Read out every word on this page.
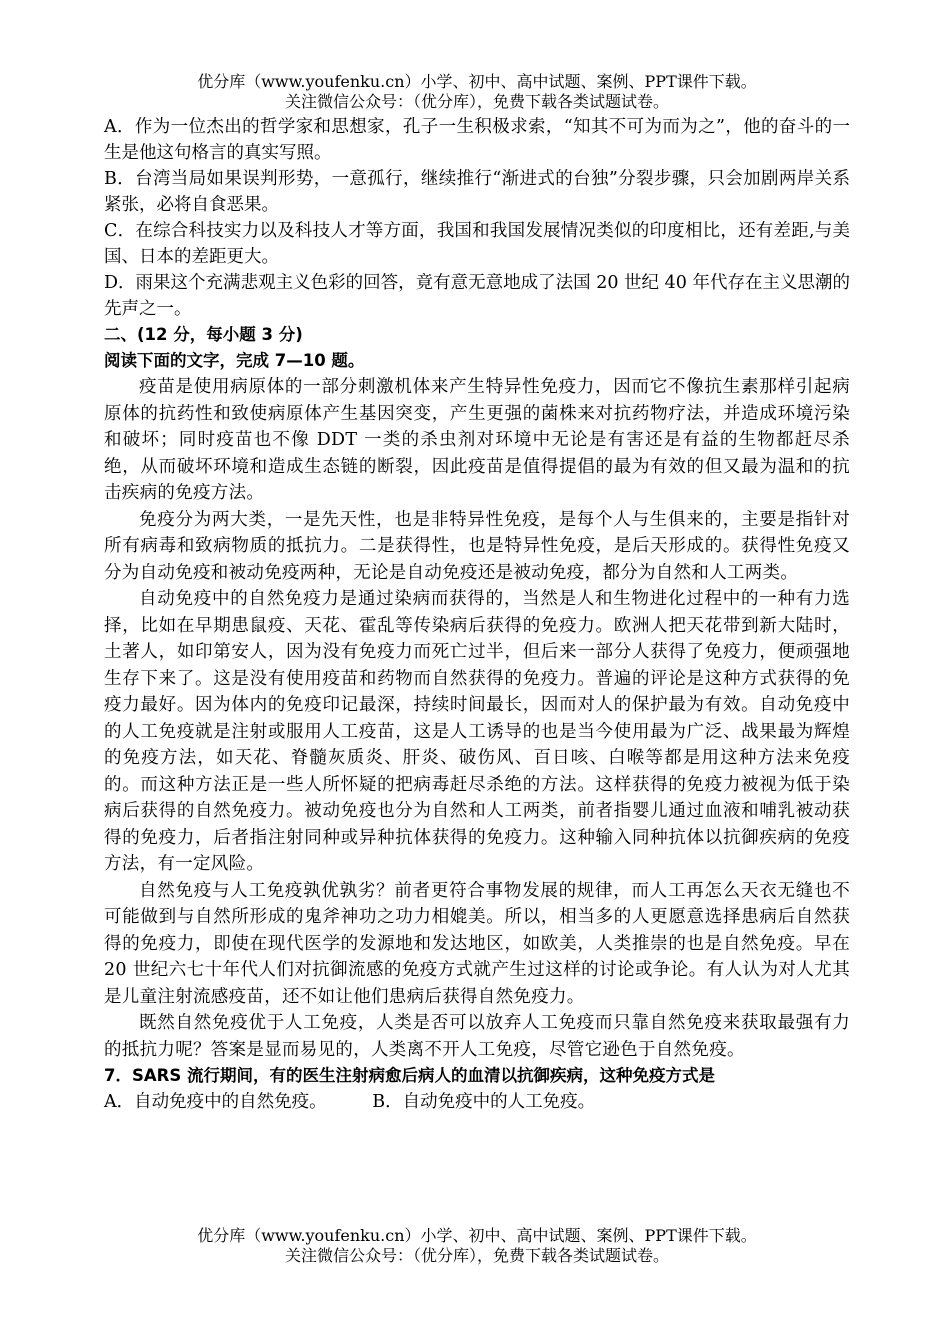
优分库（www.youfenku.cn）小学、初中、高中试题、案例、PPT课件下载。
关注微信公众号：（优分库），免费下载各类试题试卷。
A．作为一位杰出的哲学家和思想家，孔子一生积极求索，“知其不可为而为之”，他的奋斗的一生是他这句格言的真实写照。
B．台湾当局如果误判形势，一意孤行，继续推行“渐进式的台独”分裂步骤，只会加剧两岸关系紧张，必将自食恶果。
C．在综合科技实力以及科技人才等方面，我国和我国发展情况类似的印度相比，还有差距,与美国、日本的差距更大。
D．雨果这个充满悲观主义色彩的回答，竟有意无意地成了法国 20 世纪 40 年代存在主义思潮的先声之一。
二、(12 分，每小题 3 分)
阅读下面的文字，完成 7—10 题。
疫苗是使用病原体的一部分刺激机体来产生特异性免疫力，因而它不像抗生素那样引起病原体的抗药性和致使病原体产生基因突变，产生更强的菌株来对抗药物疗法，并造成环境污染和破坏；同时疫苗也不像 DDT 一类的杀虫剂对环境中无论是有害还是有益的生物都赶尽杀绝，从而破坏环境和造成生态链的断裂，因此疫苗是值得提倡的最为有效的但又最为温和的抗击疾病的免疫方法。
免疫分为两大类，一是先天性，也是非特异性免疫，是每个人与生俱来的，主要是指针对所有病毒和致病物质的抵抗力。二是获得性，也是特异性免疫，是后天形成的。获得性免疫又分为自动免疫和被动免疫两种，无论是自动免疫还是被动免疫，都分为自然和人工两类。
自动免疫中的自然免疫力是通过染病而获得的，当然是人和生物进化过程中的一种有力选择，比如在早期患鼠疫、天花、霍乱等传染病后获得的免疫力。欧洲人把天花带到新大陆时，土著人，如印第安人，因为没有免疫力而死亡过半，但后来一部分人获得了免疫力，便顽强地生存下来了。这是没有使用疫苗和药物而自然获得的免疫力。普遍的评论是这种方式获得的免疫力最好。因为体内的免疫印记最深，持续时间最长，因而对人的保护最为有效。自动免疫中的人工免疫就是注射或服用人工疫苗，这是人工诱导的也是当今使用最为广泛、战果最为辉煌的免疫方法，如天花、脊髓灰质炎、肝炎、破伤风、百日咳、白喉等都是用这种方法来免疫的。而这种方法正是一些人所怀疑的把病毒赶尽杀绝的方法。这样获得的免疫力被视为低于染病后获得的自然免疫力。被动免疫也分为自然和人工两类，前者指婴儿通过血液和哺乳被动获得的免疫力，后者指注射同种或异种抗体获得的免疫力。这种输入同种抗体以抗御疾病的免疫方法，有一定风险。
自然免疫与人工免疫孰优孰劣？前者更符合事物发展的规律，而人工再怎么天衣无缝也不可能做到与自然所形成的鬼斧神功之功力相媲美。所以，相当多的人更愿意选择患病后自然获得的免疫力，即使在现代医学的发源地和发达地区，如欧美，人类推崇的也是自然免疫。早在 20 世纪六七十年代人们对抗御流感的免疫方式就产生过这样的讨论或争论。有人认为对人尤其是儿童注射流感疫苗，还不如让他们患病后获得自然免疫力。
既然自然免疫优于人工免疫，人类是否可以放弃人工免疫而只靠自然免疫来获取最强有力的抵抗力呢？答案是显而易见的，人类离不开人工免疫，尽管它逊色于自然免疫。
7．SARS 流行期间，有的医生注射病愈后病人的血清以抗御疾病，这种免疫方式是
A．自动免疫中的自然免疫。	B．自动免疫中的人工免疫。
优分库（www.youfenku.cn）小学、初中、高中试题、案例、PPT课件下载。
关注微信公众号：（优分库），免费下载各类试题试卷。
